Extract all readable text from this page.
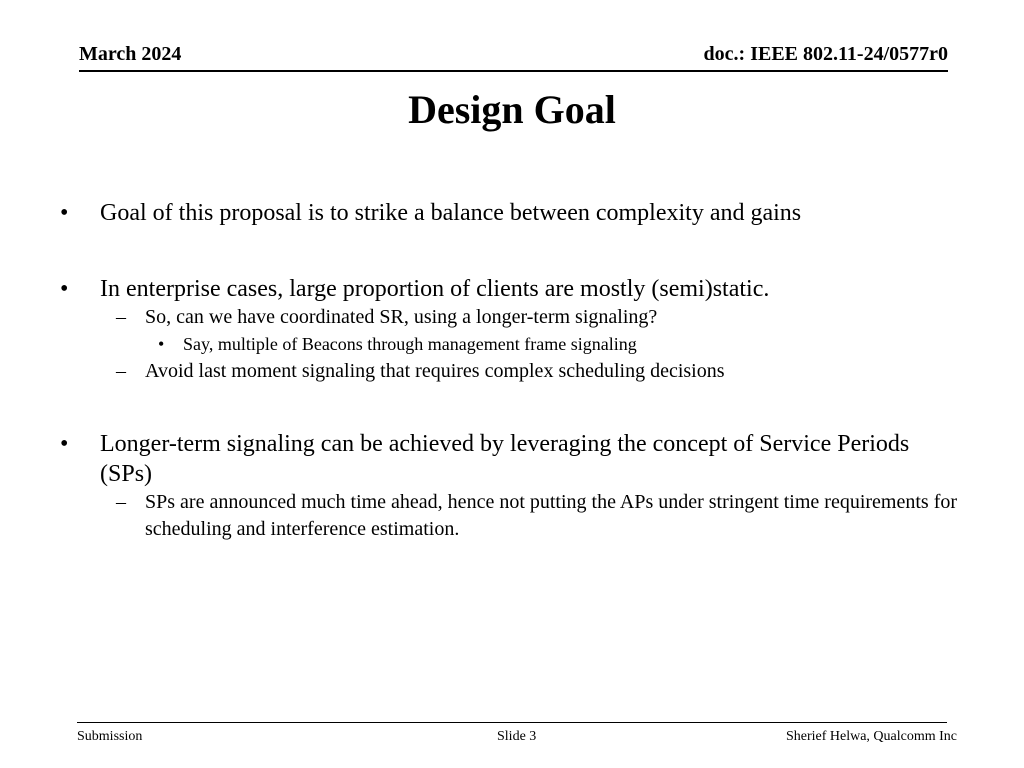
March 2024	doc.: IEEE 802.11-24/0577r0
Design Goal
• Goal of this proposal is to strike a balance between complexity and gains
• In enterprise cases, large proportion of clients are mostly (semi)static.
– So, can we have coordinated SR, using a longer-term signaling?
• Say, multiple of Beacons through management frame signaling
– Avoid last moment signaling that requires complex scheduling decisions
• Longer-term signaling can be achieved by leveraging the concept of Service Periods (SPs)
– SPs are announced much time ahead, hence not putting the APs under stringent time requirements for scheduling and interference estimation.
Submission	Slide 3	Sherief Helwa, Qualcomm Inc
